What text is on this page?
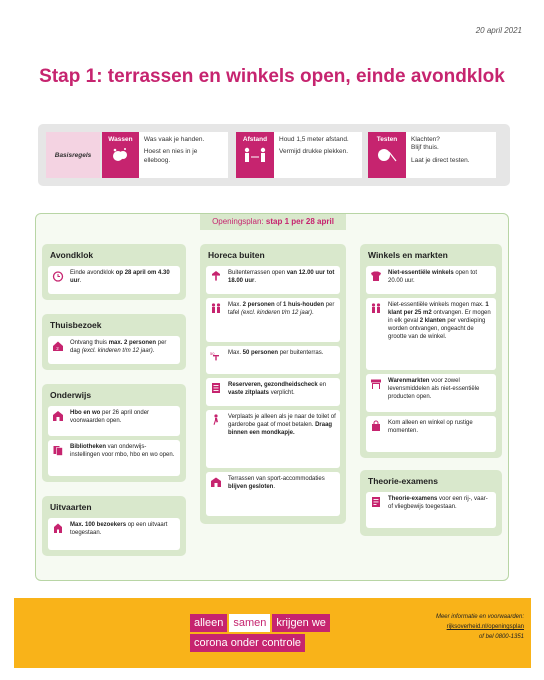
20 april 2021
Stap 1: terrassen en winkels open, einde avondklok
Basisregels
Wassen Was vaak je handen.
Hoest en nies in je elleboog.
Afstand Houd 1,5 meter afstand.
Vermijd drukke plekken.
Testen Klachten? Blijf thuis.
Laat je direct testen.
Openingsplan: stap 1 per 28 april
Avondklok
Einde avondklok op 28 april om 4.30 uur.
Thuisbezoek
2
Ontvang thuis max. 2 personen per dag (excl. kinderen t/m 12 jaar).
Onderwijs
Hbo en wo per 26 april onder voorwaarden open.
Bibliotheken van onderwijs-instellingen voor mbo, hbo en wo open.
Uitvaarten
Max. 100 bezoekers op een uitvaart toegestaan.
Horeca buiten
Buitenterrassen open van 12.00 uur tot 18.00 uur.
Max. 2 personen of 1 huis-houden per tafel (excl. kinderen t/m 12 jaar).
50	Max. 50 personen per buitenterras.
Reserveren, gezondheidscheck en vaste zitplaats verplicht.
Verplaats je alleen als je naar de toilet of garderobe gaat of moet betalen. Draag binnen een mondkapje.
Terrassen van sport-accommodaties blijven gesloten.
Winkels en markten
Niet-essentiële winkels open tot 20.00 uur.
Niet-essentiële winkels mogen max. 1 klant per 25 m2 ontvangen. Er mogen in elk geval 2 klanten per verdieping worden ontvangen, ongeacht de grootte van de winkel.
Warenmarkten voor zowel levensmiddelen als niet-essentiële producten open.
Kom alleen en winkel op rustige momenten.
Theorie-examens
Theorie-examens voor een rij-, vaar- of vliegbewijs toegestaan.
alleen samen krijgen we
corona onder controle
Meer informatie en voorwaarden:
rijksoverheid.nl/openingsplan
of bel 0800-1351
